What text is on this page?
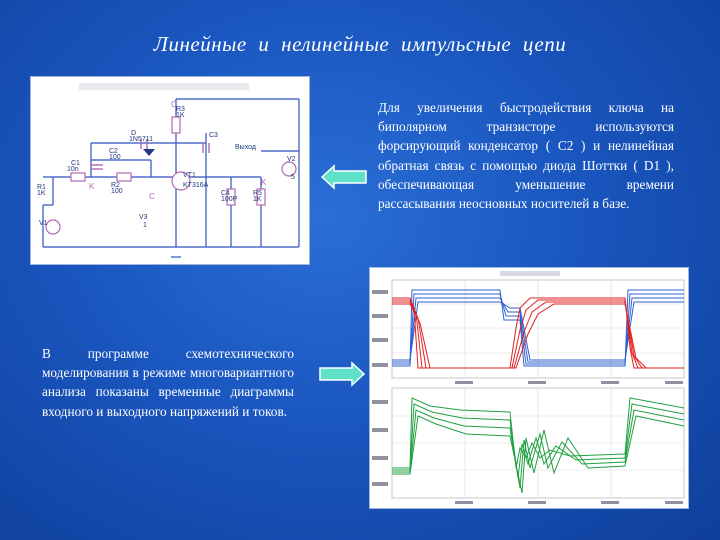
Линейные и нелинейные импульсные цепи
R3
1K
D
1N5711
C2
100
C1
10n
R1
1K
R2
100
VT1
KT316A
C4
100P
R5
1K
Выход
V2
5
V1
V3
1
C3
C
K
C
K
Для увеличения быстродействия ключа на биполярном транзисторе используются форсирующий конденсатор ( С2 ) и нелинейная обратная связь с помощью диода Шоттки ( D1 ), обеспечивающая уменьшение времени рассасывания неосновных носителей в базе.
В программе схемотехнического моделирования в режиме многовариантного анализа показаны временные диаграммы входного и выходного напряжений и токов.
